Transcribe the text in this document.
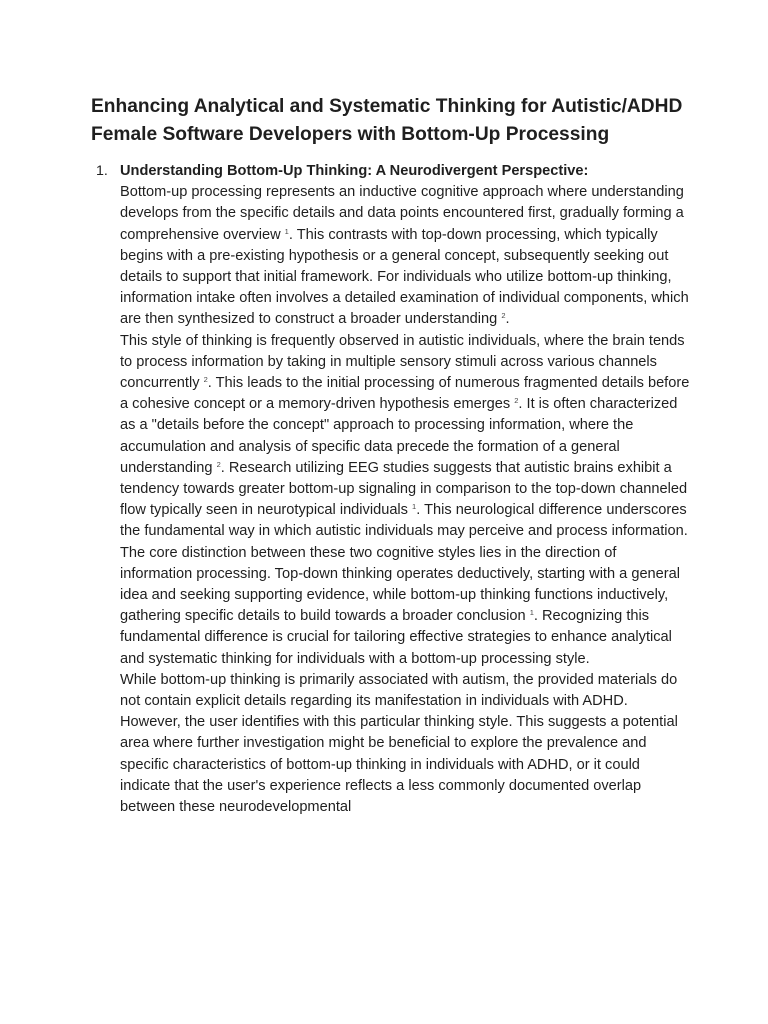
Enhancing Analytical and Systematic Thinking for Autistic/ADHD Female Software Developers with Bottom-Up Processing
1. Understanding Bottom-Up Thinking: A Neurodivergent Perspective:

Bottom-up processing represents an inductive cognitive approach where understanding develops from the specific details and data points encountered first, gradually forming a comprehensive overview $^1$. This contrasts with top-down processing, which typically begins with a pre-existing hypothesis or a general concept, subsequently seeking out details to support that initial framework. For individuals who utilize bottom-up thinking, information intake often involves a detailed examination of individual components, which are then synthesized to construct a broader understanding $^2$.

This style of thinking is frequently observed in autistic individuals, where the brain tends to process information by taking in multiple sensory stimuli across various channels concurrently $^2$. This leads to the initial processing of numerous fragmented details before a cohesive concept or a memory-driven hypothesis emerges $^2$. It is often characterized as a "details before the concept" approach to processing information, where the accumulation and analysis of specific data precede the formation of a general understanding $^2$. Research utilizing EEG studies suggests that autistic brains exhibit a tendency towards greater bottom-up signaling in comparison to the top-down channeled flow typically seen in neurotypical individuals $^1$. This neurological difference underscores the fundamental way in which autistic individuals may perceive and process information. The core distinction between these two cognitive styles lies in the direction of information processing. Top-down thinking operates deductively, starting with a general idea and seeking supporting evidence, while bottom-up thinking functions inductively, gathering specific details to build towards a broader conclusion $^1$. Recognizing this fundamental difference is crucial for tailoring effective strategies to enhance analytical and systematic thinking for individuals with a bottom-up processing style.

While bottom-up thinking is primarily associated with autism, the provided materials do not contain explicit details regarding its manifestation in individuals with ADHD. However, the user identifies with this particular thinking style. This suggests a potential area where further investigation might be beneficial to explore the prevalence and specific characteristics of bottom-up thinking in individuals with ADHD, or it could indicate that the user's experience reflects a less commonly documented overlap between these neurodevelopmental
